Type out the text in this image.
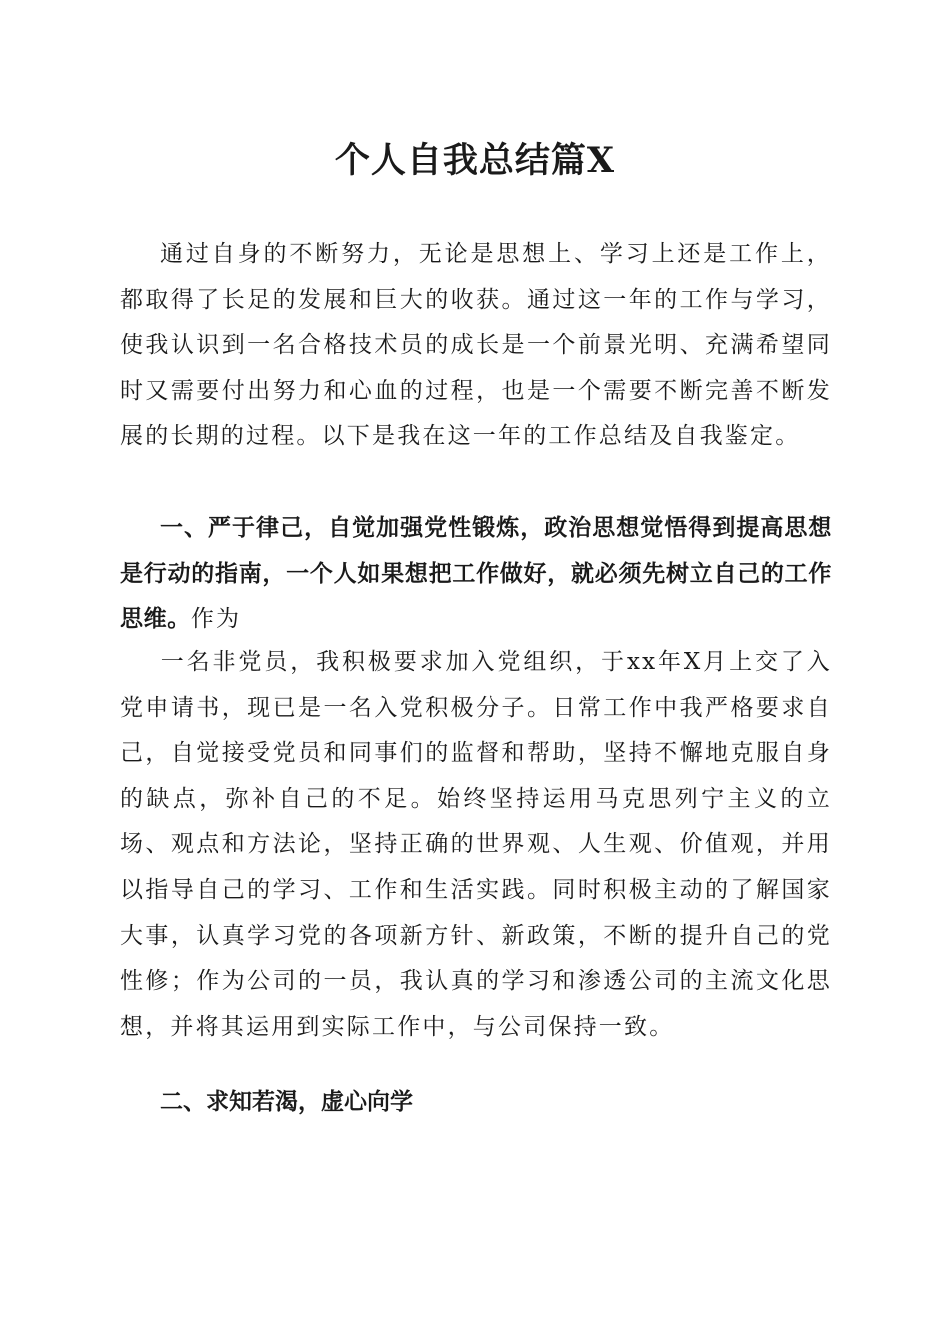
个人自我总结篇X

通过自身的不断努力，无论是思想上、学习上还是工作上，都取得了长足的发展和巨大的收获。通过这一年的工作与学习，使我认识到一名合格技术员的成长是一个前景光明、充满希望同时又需要付出努力和心血的过程，也是一个需要不断完善不断发展的长期的过程。以下是我在这一年的工作总结及自我鉴定。

一、严于律己，自觉加强党性锻炼，政治思想觉悟得到提高思想是行动的指南，一个人如果想把工作做好，就必须先树立自己的工作思维。作为

一名非党员，我积极要求加入党组织，于xx年X月上交了入党申请书，现已是一名入党积极分子。日常工作中我严格要求自己，自觉接受党员和同事们的监督和帮助，坚持不懈地克服自身的缺点，弥补自己的不足。始终坚持运用马克思列宁主义的立场、观点和方法论，坚持正确的世界观、人生观、价值观，并用以指导自己的学习、工作和生活实践。同时积极主动的了解国家大事，认真学习党的各项新方针、新政策，不断的提升自己的党性修；作为公司的一员，我认真的学习和渗透公司的主流文化思想，并将其运用到实际工作中，与公司保持一致。

二、求知若渴，虚心向学
